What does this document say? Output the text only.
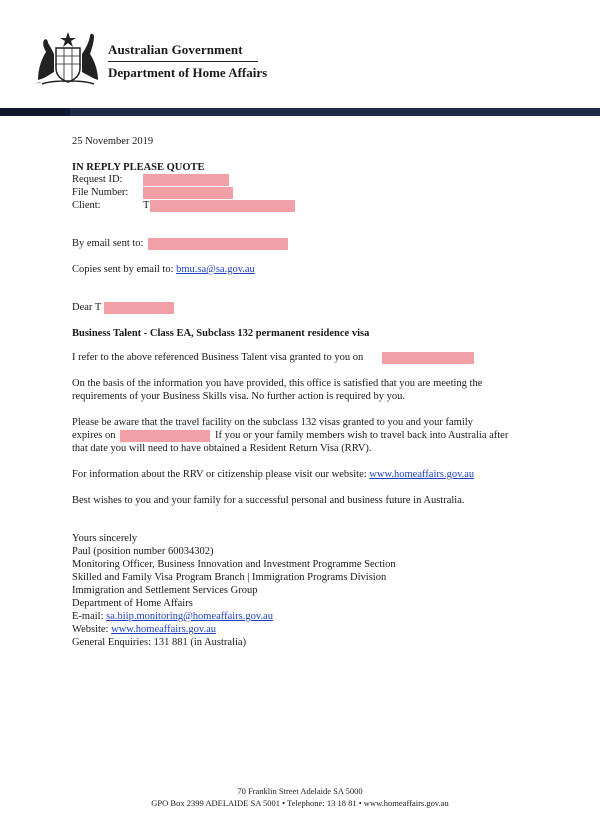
Australian Government
Department of Home Affairs
25 November 2019
IN REPLY PLEASE QUOTE
Request ID:
File Number:
Client:	T
By email sent to:
Copies sent by email to: bmu.sa@sa.gov.au
Dear T
Business Talent - Class EA, Subclass 132 permanent residence visa
I refer to the above referenced Business Talent visa granted to you on
On the basis of the information you have provided, this office is satisfied that you are meeting the
requirements of your Business Skills visa. No further action is required by you.
Please be aware that the travel facility on the subclass 132 visas granted to you and your family
expires on	If you or your family members wish to travel back into Australia after
that date you will need to have obtained a Resident Return Visa (RRV).
For information about the RRV or citizenship please visit our website: www.homeaffairs.gov.au
Best wishes to you and your family for a successful personal and business future in Australia.
Yours sincerely
Paul (position number 60034302)
Monitoring Officer, Business Innovation and Investment Programme Section
Skilled and Family Visa Program Branch | Immigration Programs Division
Immigration and Settlement Services Group
Department of Home Affairs
E-mail: sa.biip.monitoring@homeaffairs.gov.au
Website: www.homeaffairs.gov.au
General Enquiries: 131 881 (in Australia)
70 Franklin Street Adelaide SA 5000
GPO Box 2399 ADELAIDE SA 5001 • Telephone: 13 18 81 • www.homeaffairs.gov.au
